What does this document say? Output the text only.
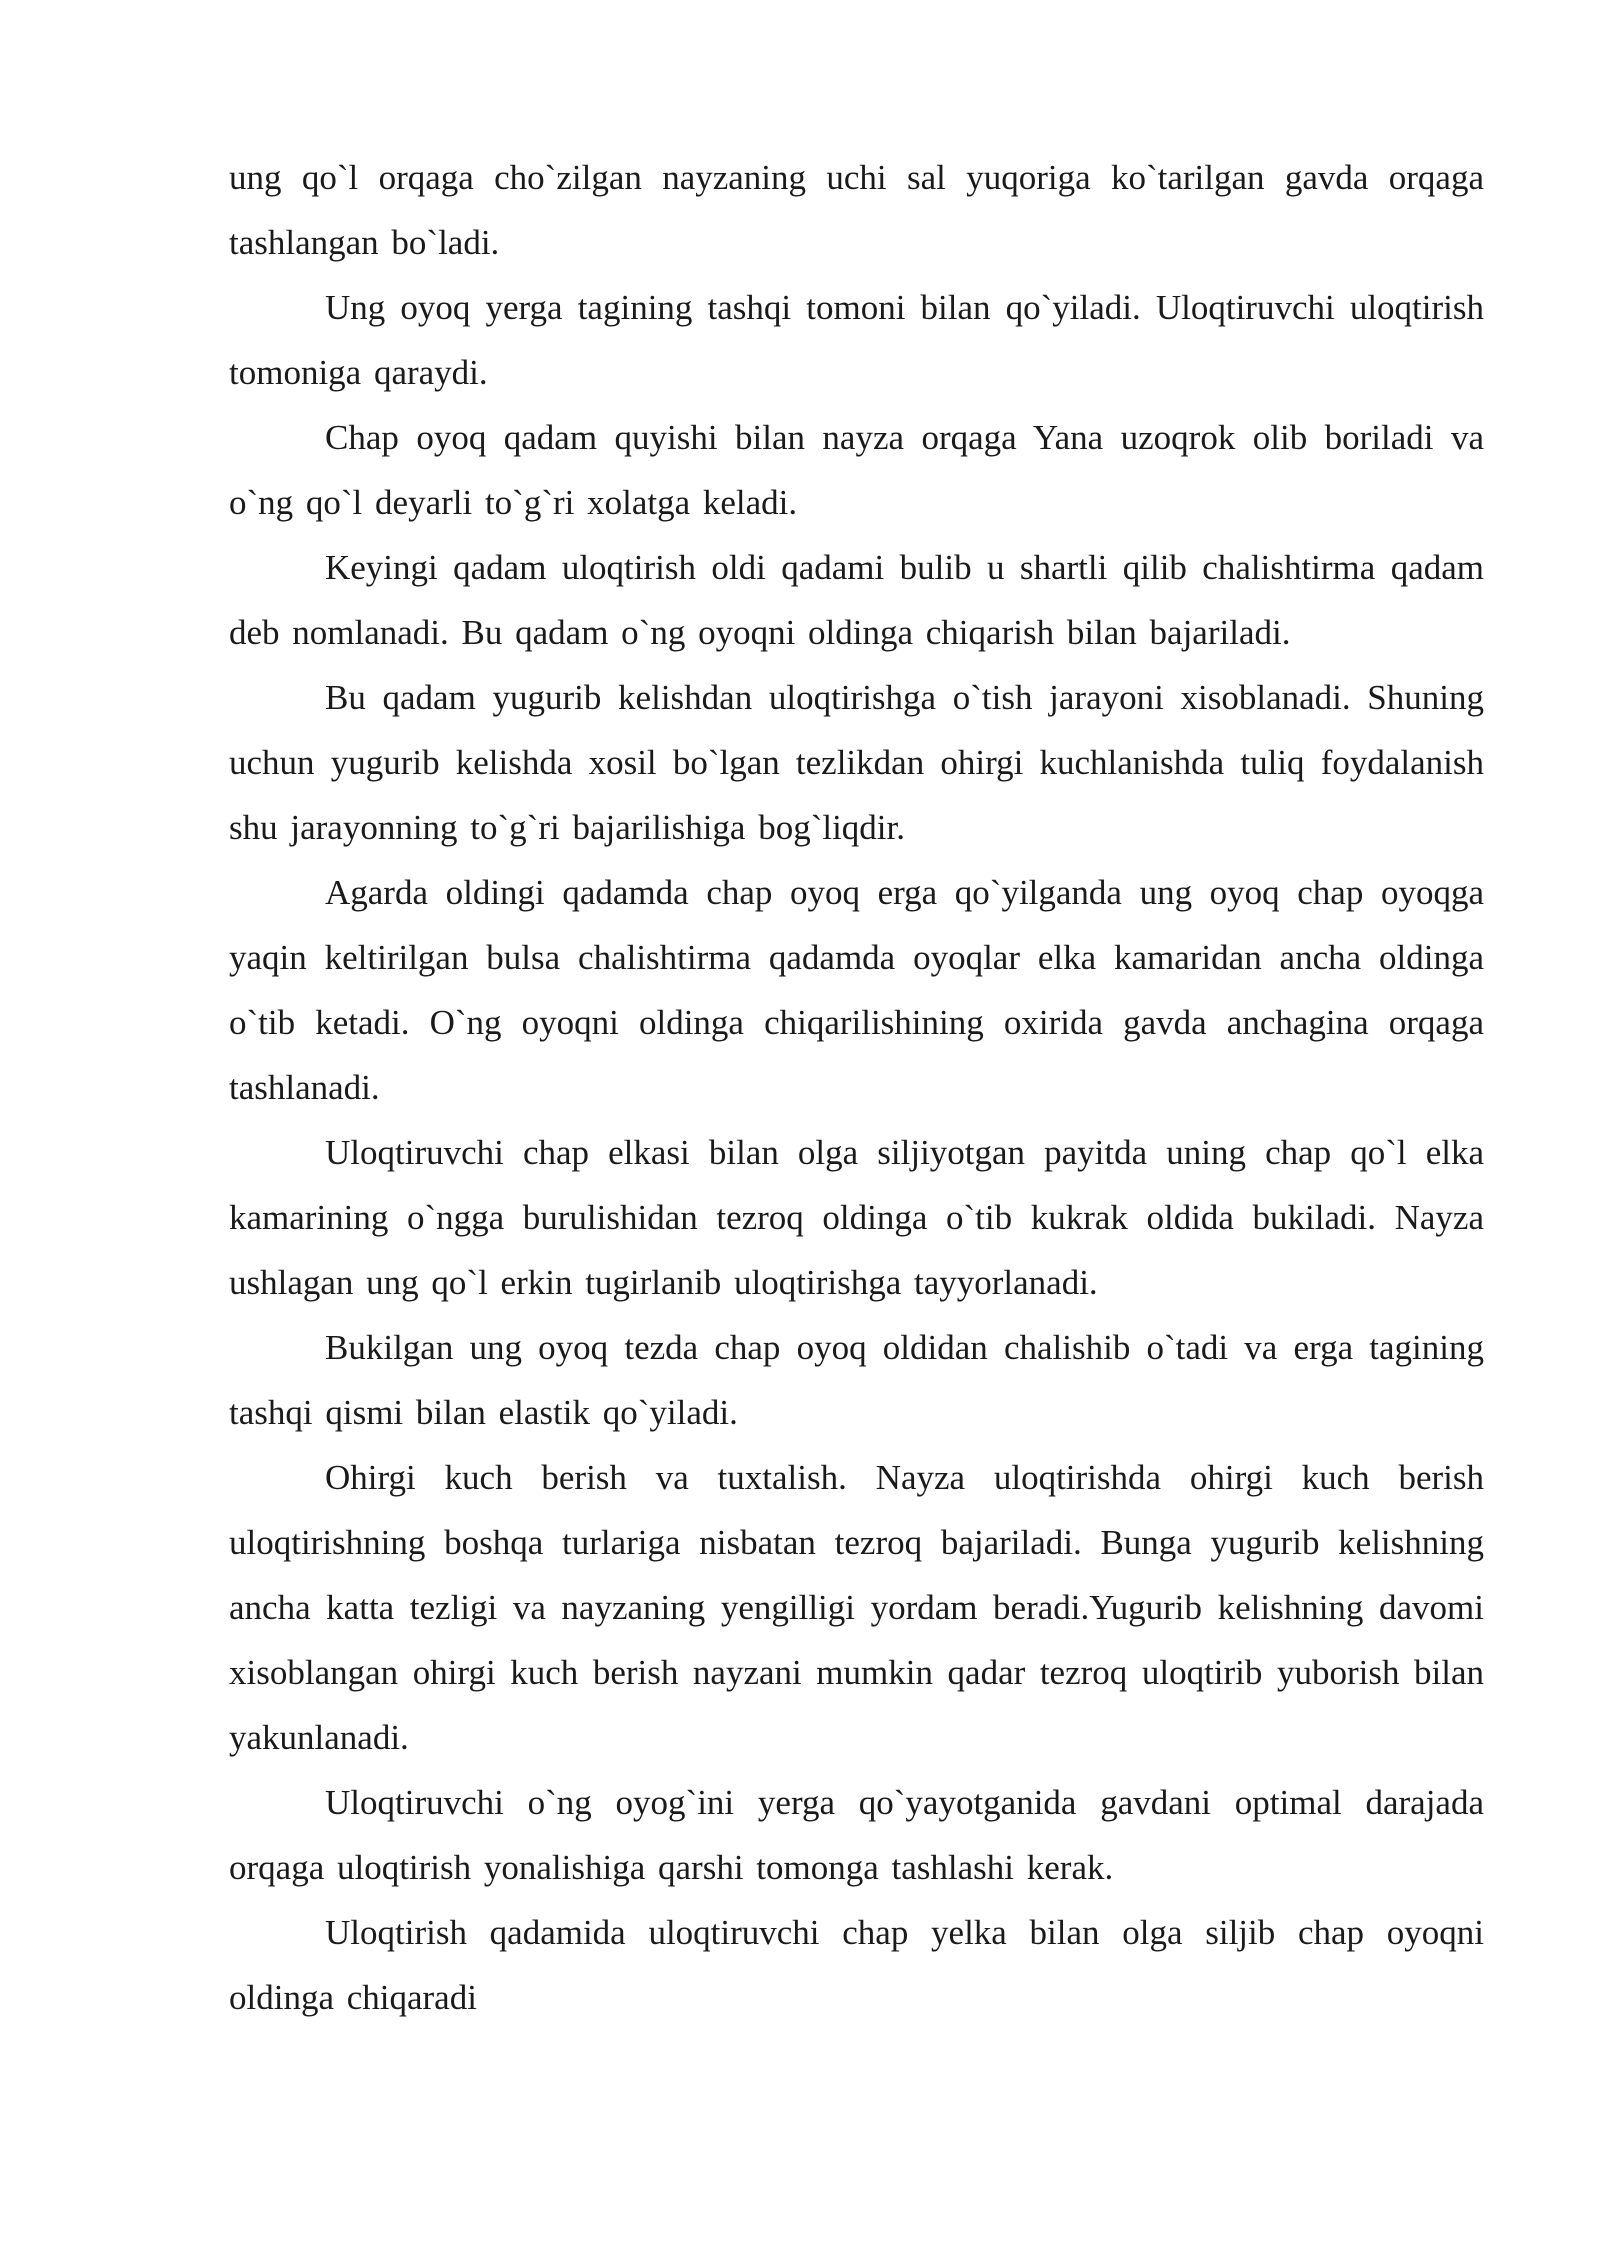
ung qo`l orqaga cho`zilgan nayzaning uchi sal yuqoriga ko`tarilgan gavda orqaga tashlangan bo`ladi.

Ung oyoq yerga tagining tashqi tomoni bilan qo`yiladi. Uloqtiruvchi uloqtirish tomoniga qaraydi.

Chap oyoq qadam quyishi bilan nayza orqaga Yana uzoqrok olib boriladi va o`ng qo`l deyarli to`g`ri xolatga keladi.

Keyingi qadam uloqtirish oldi qadami bulib u shartli qilib chalishtirma qadam deb nomlanadi. Bu qadam o`ng oyoqni oldinga chiqarish bilan bajariladi.

Bu qadam yugurib kelishdan uloqtirishga o`tish jarayoni xisoblanadi. Shuning uchun yugurib kelishda xosil bo`lgan tezlikdan ohirgi kuchlanishda tuliq foydalanish shu jarayonning to`g`ri bajarilishiga bog`liqdir.

Agarda oldingi qadamda chap oyoq erga qo`yilganda ung oyoq chap oyoqga yaqin keltirilgan bulsa chalishtirma qadamda oyoqlar elka kamaridan ancha oldinga o`tib ketadi. O`ng oyoqni oldinga chiqarilishining oxirida gavda anchagina orqaga tashlanadi.

Uloqtiruvchi chap elkasi bilan olga siljiyotgan payitda uning chap qo`l elka kamarining o`ngga burulishidan tezroq oldinga o`tib kukrak oldida bukiladi. Nayza ushlagan ung qo`l erkin tugirlanib uloqtirishga tayyorlanadi.

Bukilgan ung oyoq tezda chap oyoq oldidan chalishib o`tadi va erga tagining tashqi qismi bilan elastik qo`yiladi.

Ohirgi kuch berish va tuxtalish. Nayza uloqtirishda ohirgi kuch berish uloqtirishning boshqa turlariga nisbatan tezroq bajariladi. Bunga yugurib kelishning ancha katta tezligi va nayzaning yengilligi yordam beradi.Yugurib kelishning davomi xisoblangan ohirgi kuch berish nayzani mumkin qadar tezroq uloqtirib yuborish bilan yakunlanadi.

Uloqtiruvchi o`ng oyog`ini yerga qo`yayotganida gavdani optimal darajada orqaga uloqtirish yonalishiga qarshi tomonga tashlashi kerak.

Uloqtirish qadamida uloqtiruvchi chap yelka bilan olga siljib chap oyoqni oldinga chiqaradi
